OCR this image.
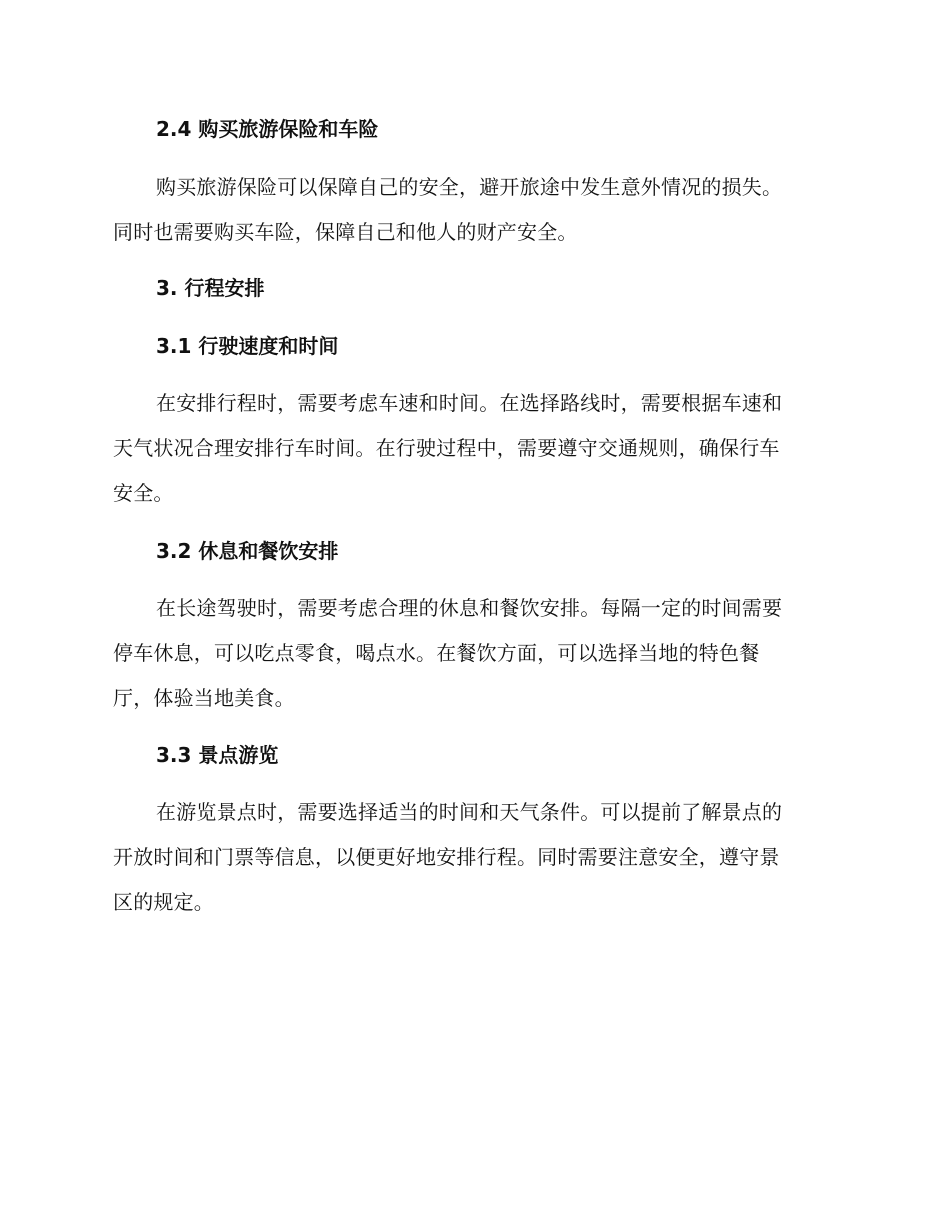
2.4 购买旅游保险和车险

购买旅游保险可以保障自己的安全，避开旅途中发生意外情况的损失。
同时也需要购买车险，保障自己和他人的财产安全。

3. 行程安排
3.1 行驶速度和时间

在安排行程时，需要考虑车速和时间。在选择路线时，需要根据车速和
天气状况合理安排行车时间。在行驶过程中，需要遵守交通规则，确保行车
安全。

3.2 休息和餐饮安排

在长途驾驶时，需要考虑合理的休息和餐饮安排。每隔一定的时间需要
停车休息，可以吃点零食，喝点水。在餐饮方面，可以选择当地的特色餐
厅，体验当地美食。

3.3 景点游览

在游览景点时，需要选择适当的时间和天气条件。可以提前了解景点的
开放时间和门票等信息，以便更好地安排行程。同时需要注意安全，遵守景
区的规定。
